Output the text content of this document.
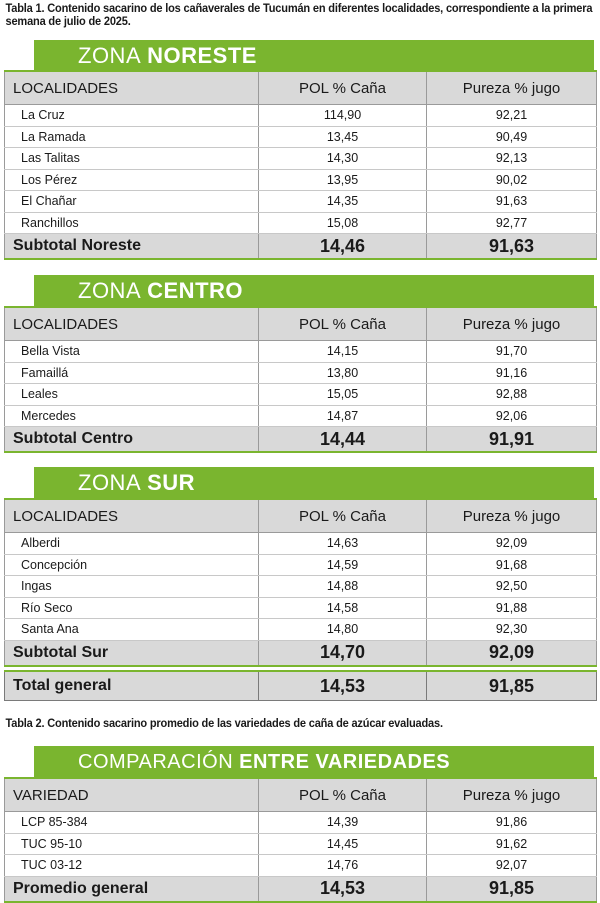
Tabla 1. Contenido sacarino de los cañaverales de Tucumán en diferentes localidades, correspondiente a la primera semana de julio de 2025.
ZONA NORESTE
LOCALIDADES	POL % Caña	Pureza % jugo
La Cruz	114,90	92,21
La Ramada	13,45	90,49
Las Talitas	14,30	92,13
Los Pérez	13,95	90,02
El Chañar	14,35	91,63
Ranchillos	15,08	92,77
Subtotal Noreste	14,46	91,63
ZONA CENTRO
LOCALIDADES	POL % Caña	Pureza % jugo
Bella Vista	14,15	91,70
Famaillá	13,80	91,16
Leales	15,05	92,88
Mercedes	14,87	92,06
Subtotal Centro	14,44	91,91
ZONA SUR
LOCALIDADES	POL % Caña	Pureza % jugo
Alberdi	14,63	92,09
Concepción	14,59	91,68
Ingas	14,88	92,50
Río Seco	14,58	91,88
Santa Ana	14,80	92,30
Subtotal Sur	14,70	92,09
Total general	14,53	91,85
Tabla 2. Contenido sacarino promedio de las variedades de caña de azúcar evaluadas.
COMPARACIÓN ENTRE VARIEDADES
VARIEDAD	POL % Caña	Pureza % jugo
LCP 85-384	14,39	91,86
TUC 95-10	14,45	91,62
TUC 03-12	14,76	92,07
Promedio general	14,53	91,85
